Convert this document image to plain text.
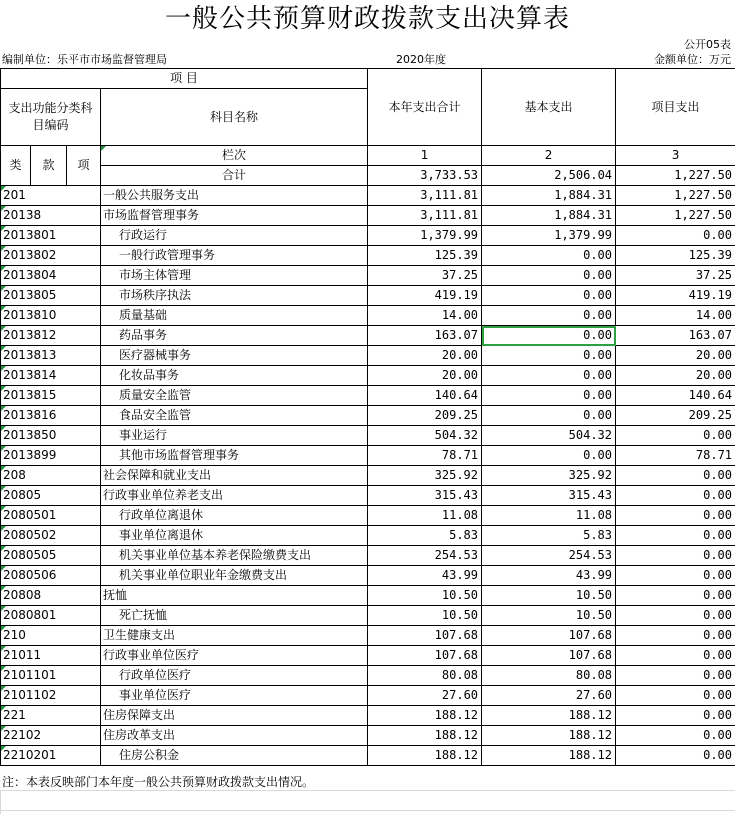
一般公共预算财政拨款支出决算表
公开05表
编制单位：乐平市市场监督管理局	2020年度	金额单位：万元
项 目				本年支出合计	基本支出	项目支出
支出功能分类科目编码			科目名称			

类	款	项	栏次	1	2	3
			合计	3,733.53	2,506.04	1,227.50
201			一般公共服务支出	3,111.81	1,884.31	1,227.50
20138			市场监督管理事务	3,111.81	1,884.31	1,227.50
2013801			行政运行	1,379.99	1,379.99	0.00
2013802			一般行政管理事务	125.39	0.00	125.39
2013804			市场主体管理	37.25	0.00	37.25
2013805			市场秩序执法	419.19	0.00	419.19
2013810			质量基础	14.00	0.00	14.00
2013812			药品事务	163.07	0.00	163.07
2013813			医疗器械事务	20.00	0.00	20.00
2013814			化妆品事务	20.00	0.00	20.00
2013815			质量安全监管	140.64	0.00	140.64
2013816			食品安全监管	209.25	0.00	209.25
2013850			事业运行	504.32	504.32	0.00
2013899			其他市场监督管理事务	78.71	0.00	78.71
208			社会保障和就业支出	325.92	325.92	0.00
20805			行政事业单位养老支出	315.43	315.43	0.00
2080501			行政单位离退休	11.08	11.08	0.00
2080502			事业单位离退休	5.83	5.83	0.00
2080505			机关事业单位基本养老保险缴费支出	254.53	254.53	0.00
2080506			机关事业单位职业年金缴费支出	43.99	43.99	0.00
20808			抚恤	10.50	10.50	0.00
2080801			死亡抚恤	10.50	10.50	0.00
210			卫生健康支出	107.68	107.68	0.00
21011			行政事业单位医疗	107.68	107.68	0.00
2101101			行政单位医疗	80.08	80.08	0.00
2101102			事业单位医疗	27.60	27.60	0.00
221			住房保障支出	188.12	188.12	0.00
22102			住房改革支出	188.12	188.12	0.00
2210201			住房公积金	188.12	188.12	0.00
注：本表反映部门本年度一般公共预算财政拨款支出情况。
